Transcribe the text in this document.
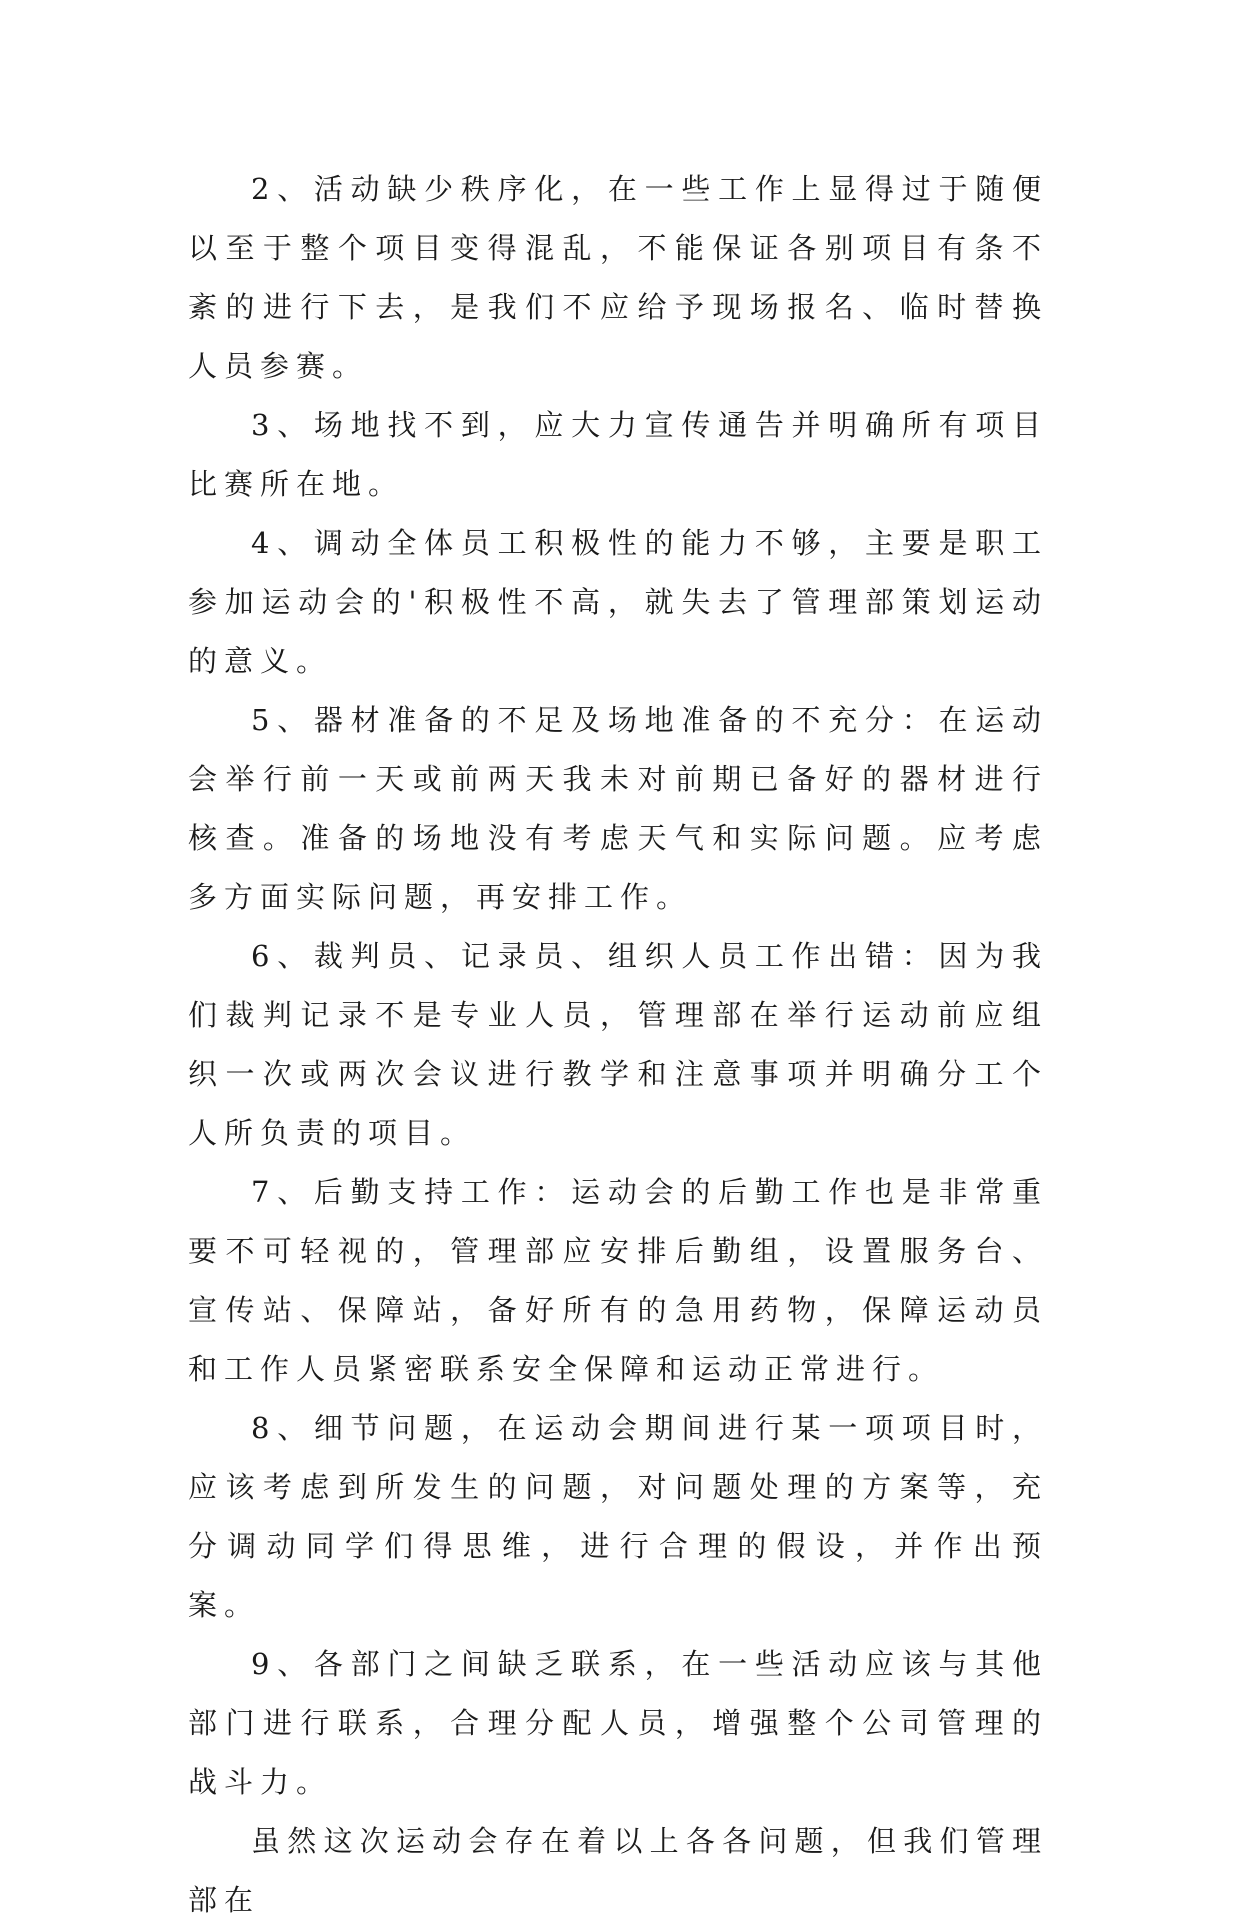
2、活动缺少秩序化，在一些工作上显得过于随便以至于整个项目变得混乱，不能保证各别项目有条不紊的进行下去，是我们不应给予现场报名、临时替换人员参赛。

3、场地找不到，应大力宣传通告并明确所有项目比赛所在地。

4、调动全体员工积极性的能力不够，主要是职工参加运动会的'积极性不高，就失去了管理部策划运动的意义。

5、器材准备的不足及场地准备的不充分：在运动会举行前一天或前两天我未对前期已备好的器材进行核查。准备的场地没有考虑天气和实际问题。应考虑多方面实际问题，再安排工作。

6、裁判员、记录员、组织人员工作出错：因为我们裁判记录不是专业人员，管理部在举行运动前应组织一次或两次会议进行教学和注意事项并明确分工个人所负责的项目。

7、后勤支持工作：运动会的后勤工作也是非常重要不可轻视的，管理部应安排后勤组，设置服务台、宣传站、保障站，备好所有的急用药物，保障运动员和工作人员紧密联系安全保障和运动正常进行。

8、细节问题，在运动会期间进行某一项项目时，应该考虑到所发生的问题，对问题处理的方案等，充分调动同学们得思维，进行合理的假设，并作出预案。

9、各部门之间缺乏联系，在一些活动应该与其他部门进行联系，合理分配人员，增强整个公司管理的战斗力。

虽然这次运动会存在着以上各各问题，但我们管理部在
